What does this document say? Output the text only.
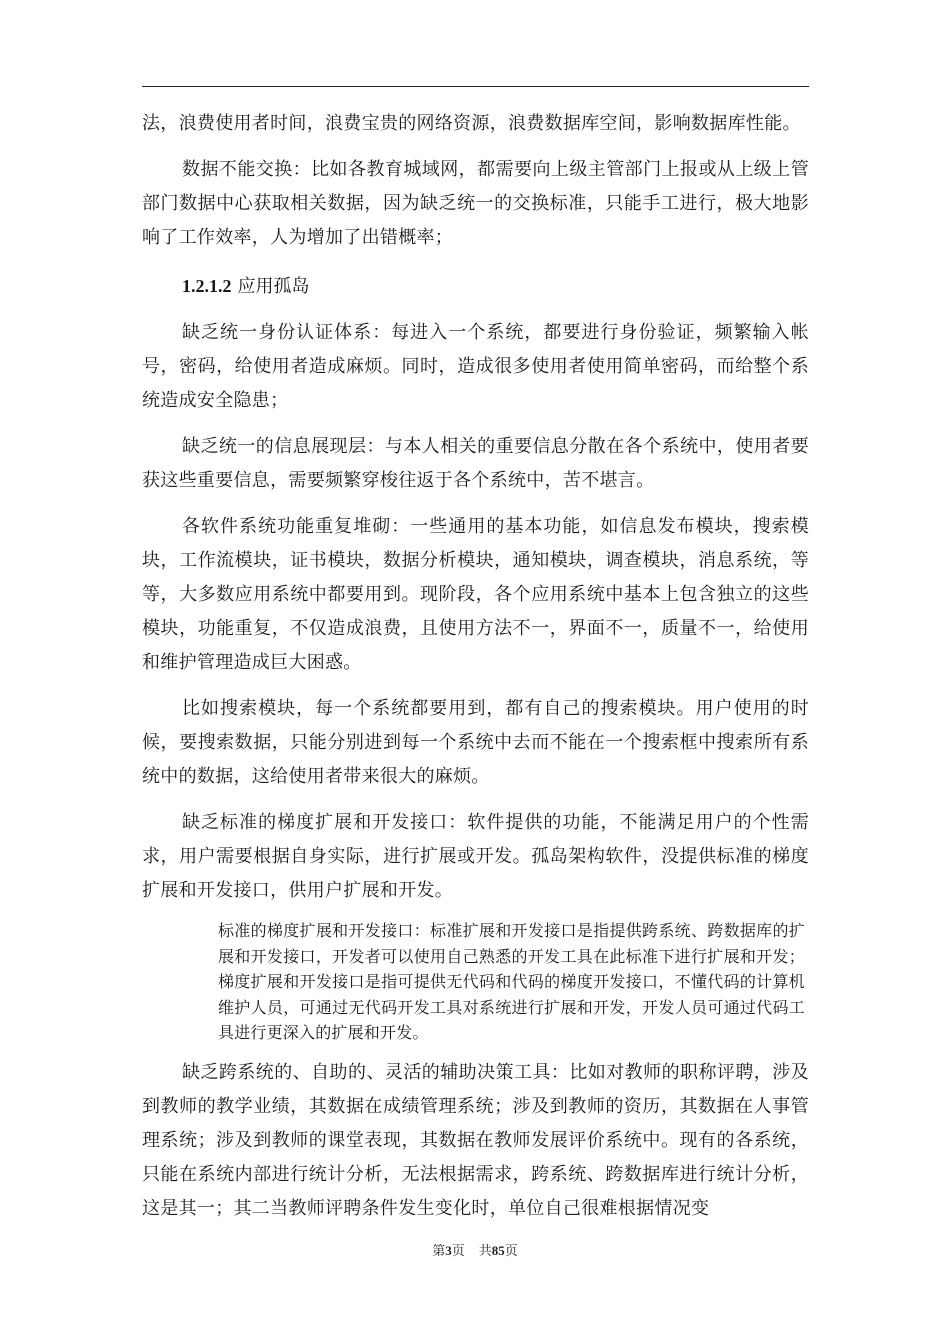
法，浪费使用者时间，浪费宝贵的网络资源，浪费数据库空间，影响数据库性能。

数据不能交换：比如各教育城域网，都需要向上级主管部门上报或从上级上管部门数据中心获取相关数据，因为缺乏统一的交换标准，只能手工进行，极大地影响了工作效率，人为增加了出错概率；

1.2.1.2 应用孤岛

缺乏统一身份认证体系：每进入一个系统，都要进行身份验证，频繁输入帐号，密码，给使用者造成麻烦。同时，造成很多使用者使用简单密码，而给整个系统造成安全隐患；

缺乏统一的信息展现层：与本人相关的重要信息分散在各个系统中，使用者要获这些重要信息，需要频繁穿梭往返于各个系统中，苦不堪言。

各软件系统功能重复堆砌：一些通用的基本功能，如信息发布模块，搜索模块，工作流模块，证书模块，数据分析模块，通知模块，调查模块，消息系统，等等，大多数应用系统中都要用到。现阶段，各个应用系统中基本上包含独立的这些模块，功能重复，不仅造成浪费，且使用方法不一，界面不一，质量不一，给使用和维护管理造成巨大困惑。

比如搜索模块，每一个系统都要用到，都有自己的搜索模块。用户使用的时候，要搜索数据，只能分别进到每一个系统中去而不能在一个搜索框中搜索所有系统中的数据，这给使用者带来很大的麻烦。

缺乏标准的梯度扩展和开发接口：软件提供的功能，不能满足用户的个性需求，用户需要根据自身实际，进行扩展或开发。孤岛架构软件，没提供标准的梯度扩展和开发接口，供用户扩展和开发。

标准的梯度扩展和开发接口：标准扩展和开发接口是指提供跨系统、跨数据库的扩展和开发接口，开发者可以使用自己熟悉的开发工具在此标准下进行扩展和开发；梯度扩展和开发接口是指可提供无代码和代码的梯度开发接口，不懂代码的计算机维护人员，可通过无代码开发工具对系统进行扩展和开发，开发人员可通过代码工具进行更深入的扩展和开发。

缺乏跨系统的、自助的、灵活的辅助决策工具：比如对教师的职称评聘，涉及到教师的教学业绩，其数据在成绩管理系统；涉及到教师的资历，其数据在人事管理系统；涉及到教师的课堂表现，其数据在教师发展评价系统中。现有的各系统，只能在系统内部进行统计分析，无法根据需求，跨系统、跨数据库进行统计分析，这是其一；其二当教师评聘条件发生变化时，单位自己很难根据情况变

第3页 共85页
